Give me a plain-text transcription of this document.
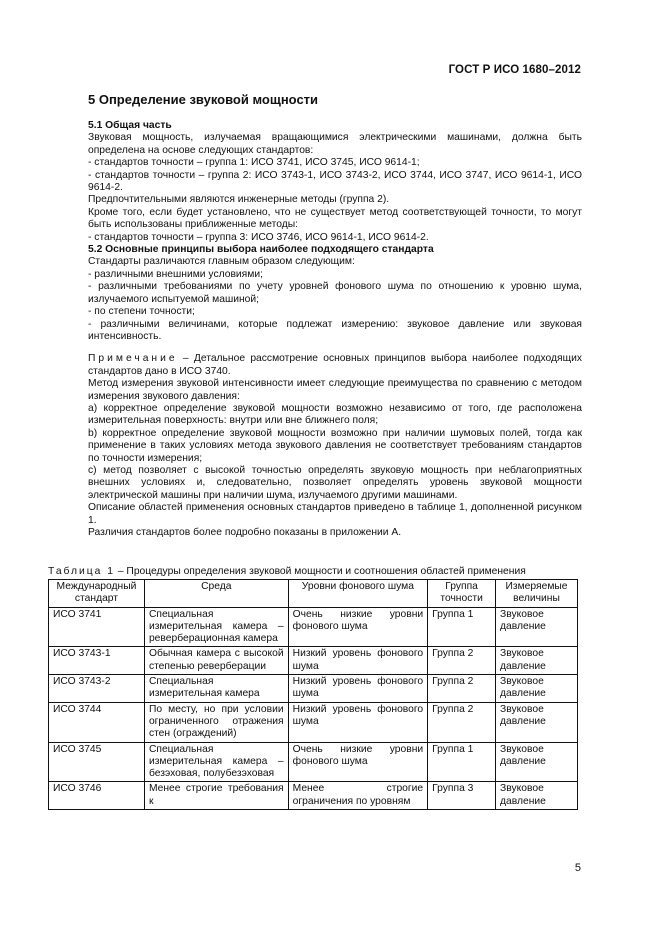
ГОСТ Р ИСО 1680–2012
5 Определение звуковой мощности

5.1 Общая часть

Звуковая мощность, излучаемая вращающимися электрическими машинами, должна быть определена на основе следующих стандартов:

- стандартов точности – группа 1: ИСО 3741, ИСО 3745, ИСО 9614-1;

- стандартов точности – группа 2: ИСО 3743-1, ИСО 3743-2, ИСО 3744, ИСО 3747, ИСО 9614-1, ИСО 9614-2.

Предпочтительными являются инженерные методы (группа 2).

Кроме того, если будет установлено, что не существует метод соответствующей точности, то могут быть использованы приближенные методы:

- стандартов точности – группа 3: ИСО 3746, ИСО 9614-1, ИСО 9614-2.

5.2 Основные принципы выбора наиболее подходящего стандарта

Стандарты различаются главным образом следующим:

- различными внешними условиями;

- различными требованиями по учету уровней фонового шума по отношению к уровню шума, излучаемого испытуемой машиной;

- по степени точности;

- различными величинами, которые подлежат измерению: звуковое давление или звуковая интенсивность.

Примечание – Детальное рассмотрение основных принципов выбора наиболее подходящих стандартов дано в ИСО 3740.

Метод измерения звуковой интенсивности имеет следующие преимущества по сравнению с методом измерения звукового давления:

а) корректное определение звуковой мощности возможно независимо от того, где расположена измерительная поверхность: внутри или вне ближнего поля;

b) корректное определение звуковой мощности возможно при наличии шумовых полей, тогда как применение в таких условиях метода звукового давления не соответствует требованиям стандартов по точности измерения;

с) метод позволяет с высокой точностью определять звуковую мощность при неблагоприятных внешних условиях и, следовательно, позволяет определять уровень звуковой мощности электрической машины при наличии шума, излучаемого другими машинами.

Описание областей применения основных стандартов приведено в таблице 1, дополненной рисунком 1.

Различия стандартов более подробно показаны в приложении А.

Таблица 1 – Процедуры определения звуковой мощности и соотношения областей применения
Международный стандарт	Среда	Уровни фонового шума	Группа точности	Измеряемые величины
ИСО 3741	Специальная измерительная камера – реверберационная камера	Очень низкие уровни фонового шума	Группа 1	Звуковое давление
ИСО 3743-1	Обычная камера с высокой степенью реверберации	Низкий уровень фонового шума	Группа 2	Звуковое давление
ИСО 3743-2	Специальная измерительная камера	Низкий уровень фонового шума	Группа 2	Звуковое давление
ИСО 3744	По месту, но при условии ограниченного отражения стен (ограждений)	Низкий уровень фонового шума	Группа 2	Звуковое давление
ИСО 3745	Специальная измерительная камера – безэховая, полубезэховая	Очень низкие уровни фонового шума	Группа 1	Звуковое давление
ИСО 3746	Менее строгие требования к	Менее строгие ограничения по уровням	Группа 3	Звуковое давление
5
